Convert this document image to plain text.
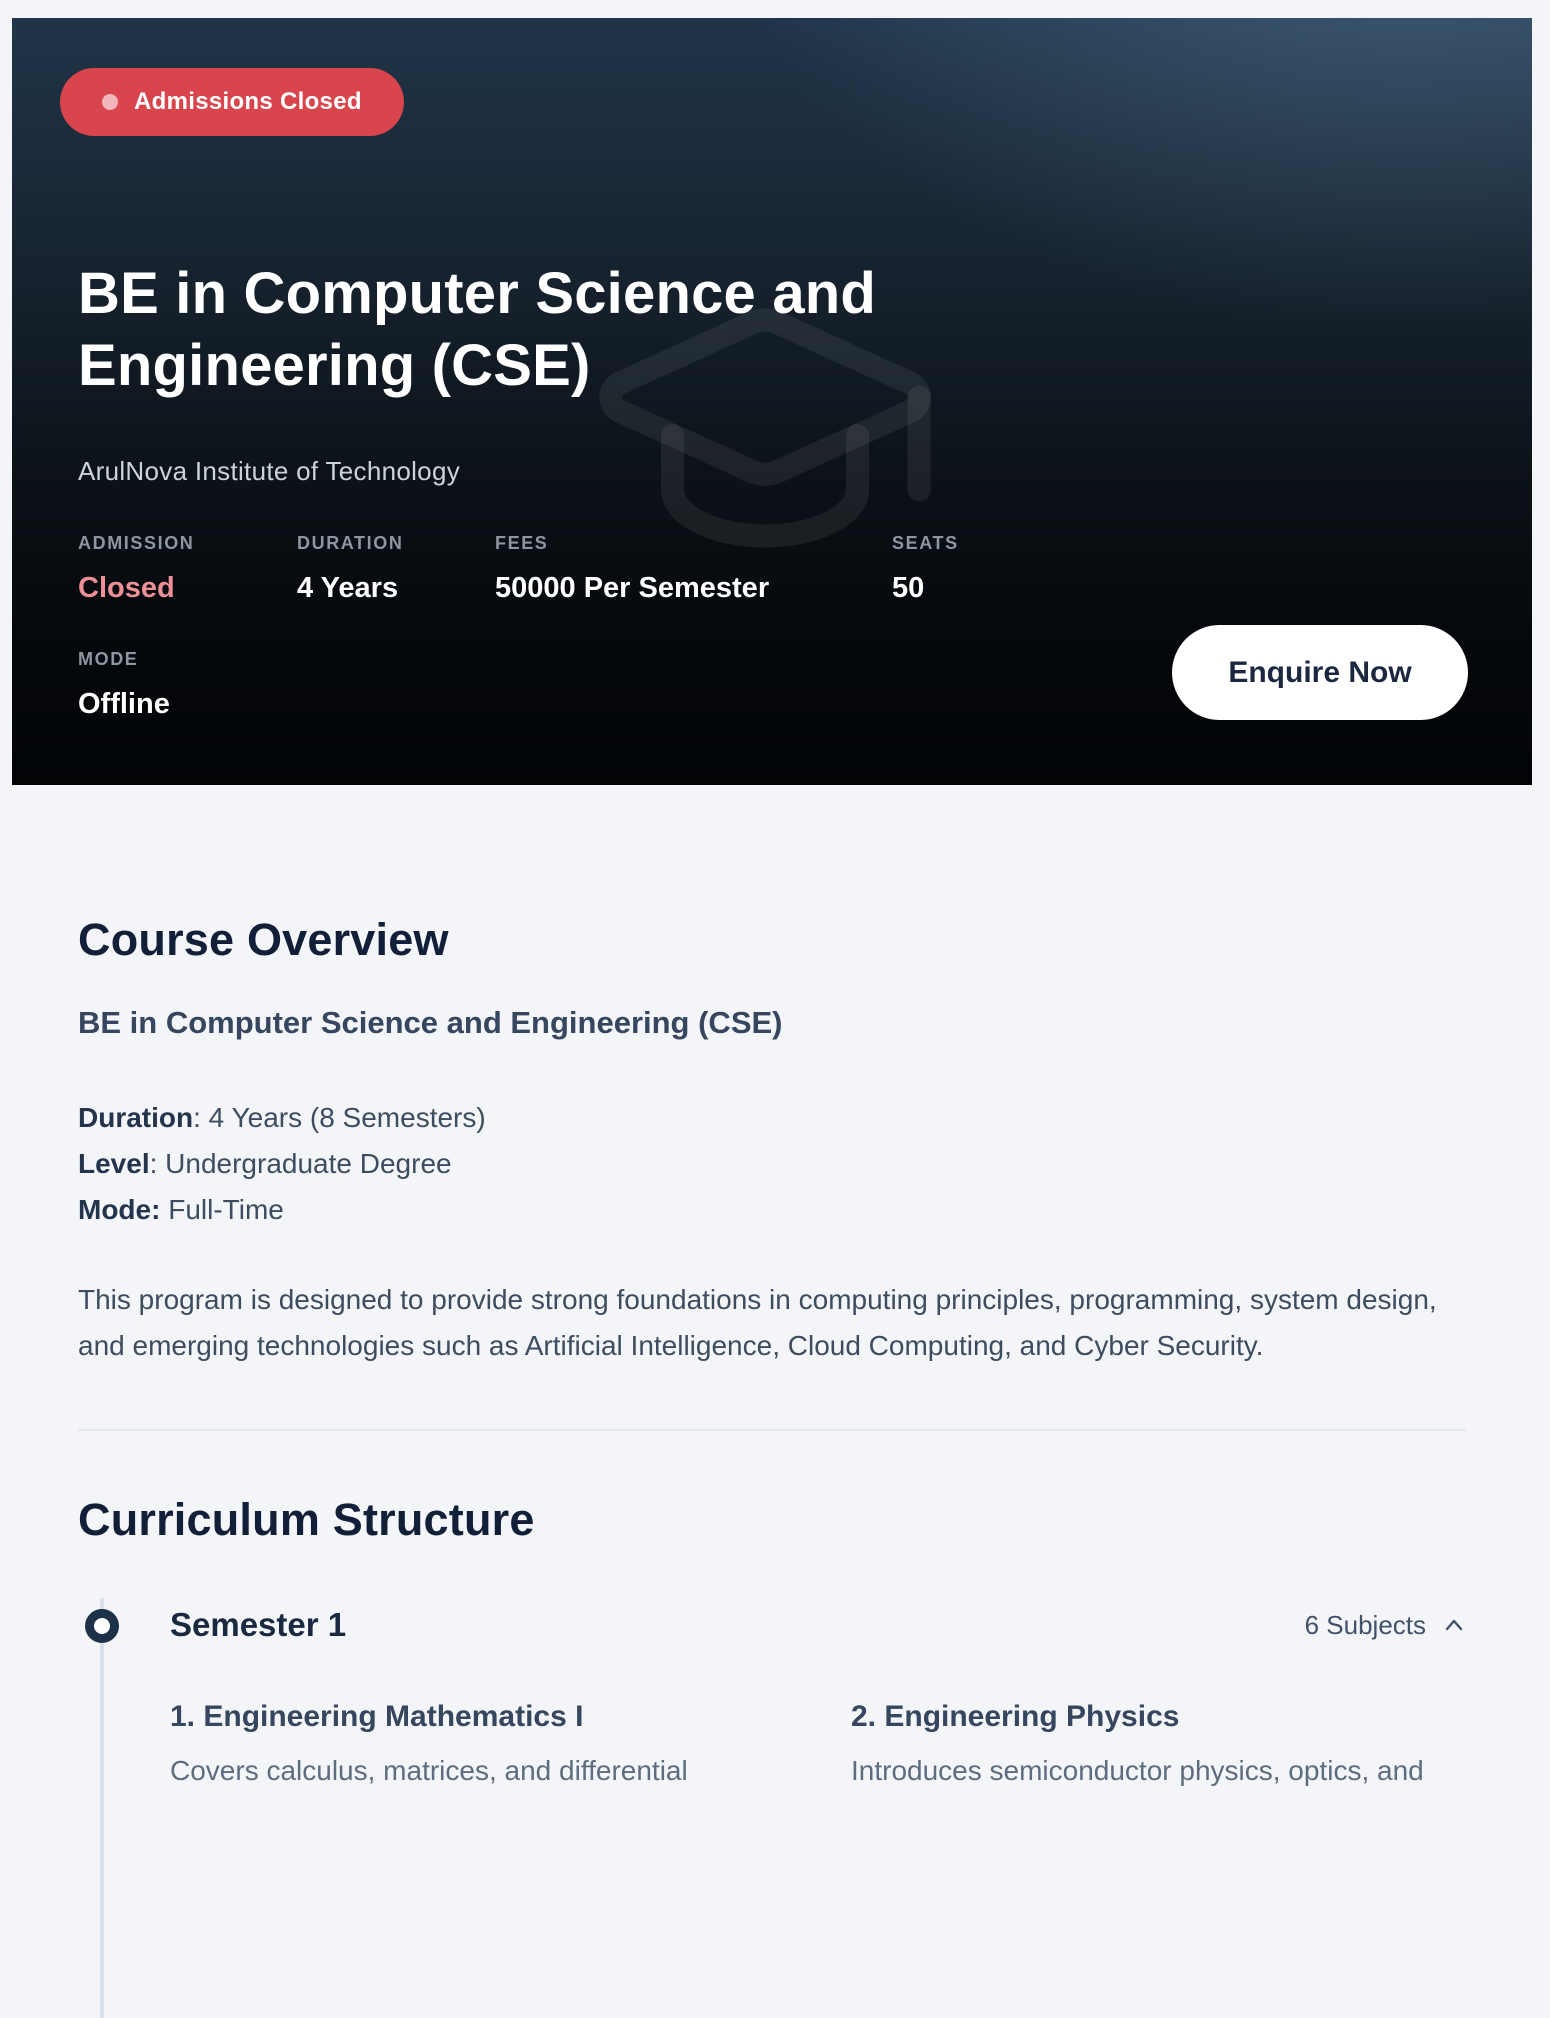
Admissions Closed
BE in Computer Science and Engineering (CSE)
ArulNova Institute of Technology
ADMISSION
Closed
DURATION
4 Years
FEES
50000 Per Semester
SEATS
50
MODE
Offline
Enquire Now
Course Overview
BE in Computer Science and Engineering (CSE)
Duration: 4 Years (8 Semesters)
Level: Undergraduate Degree
Mode: Full-Time

This program is designed to provide strong foundations in computing principles, programming, system design, and emerging technologies such as Artificial Intelligence, Cloud Computing, and Cyber Security.

Curriculum Structure
Semester 1	6 Subjects
1. Engineering Mathematics I

Covers calculus, matrices, and differential

2. Engineering Physics

Introduces semiconductor physics, optics, and
